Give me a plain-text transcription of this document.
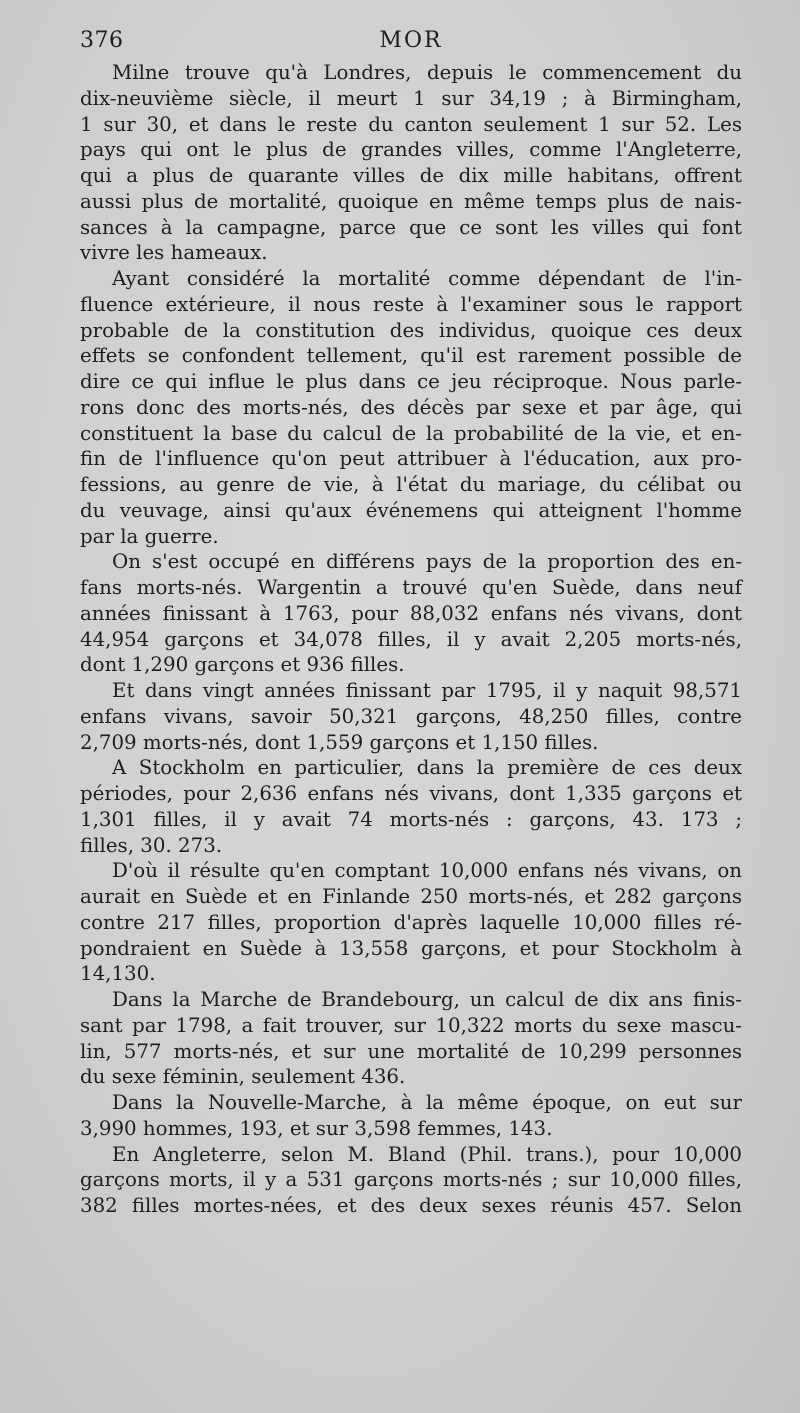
376	MOR
Milne trouve qu'à Londres, depuis le commencement du
dix-neuvième siècle, il meurt 1 sur 34,19 ; à Birmingham,
1 sur 30, et dans le reste du canton seulement 1 sur 52. Les
pays qui ont le plus de grandes villes, comme l'Angleterre,
qui a plus de quarante villes de dix mille habitans, offrent
aussi plus de mortalité, quoique en même temps plus de nais-
sances à la campagne, parce que ce sont les villes qui font
vivre les hameaux.
Ayant considéré la mortalité comme dépendant de l'in-
fluence extérieure, il nous reste à l'examiner sous le rapport
probable de la constitution des individus, quoique ces deux
effets se confondent tellement, qu'il est rarement possible de
dire ce qui influe le plus dans ce jeu réciproque. Nous parle-
rons donc des morts-nés, des décès par sexe et par âge, qui
constituent la base du calcul de la probabilité de la vie, et en-
fin de l'influence qu'on peut attribuer à l'éducation, aux pro-
fessions, au genre de vie, à l'état du mariage, du célibat ou
du veuvage, ainsi qu'aux événemens qui atteignent l'homme
par la guerre.
On s'est occupé en différens pays de la proportion des en-
fans morts-nés. Wargentin a trouvé qu'en Suède, dans neuf
années finissant à 1763, pour 88,032 enfans nés vivans, dont
44,954 garçons et 34,078 filles, il y avait 2,205 morts-nés,
dont 1,290 garçons et 936 filles.
Et dans vingt années finissant par 1795, il y naquit 98,571
enfans vivans, savoir 50,321 garçons, 48,250 filles, contre
2,709 morts-nés, dont 1,559 garçons et 1,150 filles.
A Stockholm en particulier, dans la première de ces deux
périodes, pour 2,636 enfans nés vivans, dont 1,335 garçons et
1,301 filles, il y avait 74 morts-nés : garçons, 43. 173 ;
filles, 30. 273.
D'où il résulte qu'en comptant 10,000 enfans nés vivans, on
aurait en Suède et en Finlande 250 morts-nés, et 282 garçons
contre 217 filles, proportion d'après laquelle 10,000 filles ré-
pondraient en Suède à 13,558 garçons, et pour Stockholm à
14,130.
Dans la Marche de Brandebourg, un calcul de dix ans finis-
sant par 1798, a fait trouver, sur 10,322 morts du sexe mascu-
lin, 577 morts-nés, et sur une mortalité de 10,299 personnes
du sexe féminin, seulement 436.
Dans la Nouvelle-Marche, à la même époque, on eut sur
3,990 hommes, 193, et sur 3,598 femmes, 143.
En Angleterre, selon M. Bland (Phil. trans.), pour 10,000
garçons morts, il y a 531 garçons morts-nés ; sur 10,000 filles,
382 filles mortes-nées, et des deux sexes réunis 457. Selon
